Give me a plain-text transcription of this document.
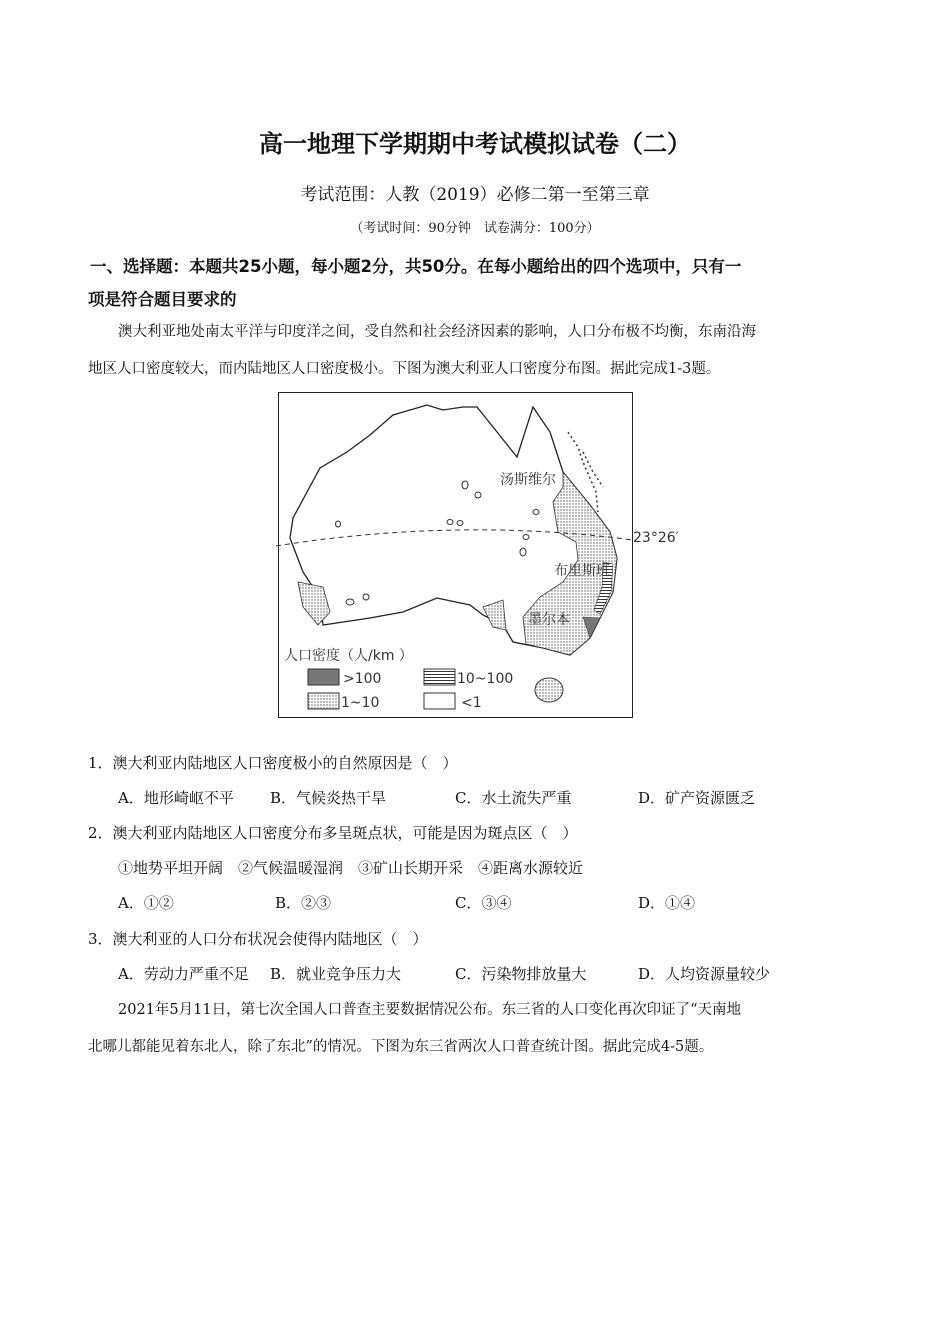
高一地理下学期期中考试模拟试卷（二）
考试范围：人教（2019）必修二第一至第三章
（考试时间：90分钟　试卷满分：100分）
一、选择题：本题共25小题，每小题2分，共50分。在每小题给出的四个选项中，只有一
项是符合题目要求的
澳大利亚地处南太平洋与印度洋之间，受自然和社会经济因素的影响，人口分布极不均衡，东南沿海
地区人口密度较大，而内陆地区人口密度极小。下图为澳大利亚人口密度分布图。据此完成1-3题。
汤斯维尔
布里斯班
墨尔本
23°26′
人口密度（人/km ）
>100	10~100
1~10	<1
1．澳大利亚内陆地区人口密度极小的自然原因是（　）
A．地形崎岖不平 B．气候炎热干旱	C．水土流失严重	D．矿产资源匮乏
2．澳大利亚内陆地区人口密度分布多呈斑点状，可能是因为斑点区（　）
①地势平坦开阔　②气候温暖湿润　③矿山长期开采　④距离水源较近
A．①②	B．②③	C．③④	D．①④
3．澳大利亚的人口分布状况会使得内陆地区（　）
A．劳动力严重不足 B．就业竞争压力大	C．污染物排放量大	D．人均资源量较少
2021年5月11日，第七次全国人口普查主要数据情况公布。东三省的人口变化再次印证了“天南地
北哪儿都能见着东北人，除了东北”的情况。下图为东三省两次人口普查统计图。据此完成4-5题。
